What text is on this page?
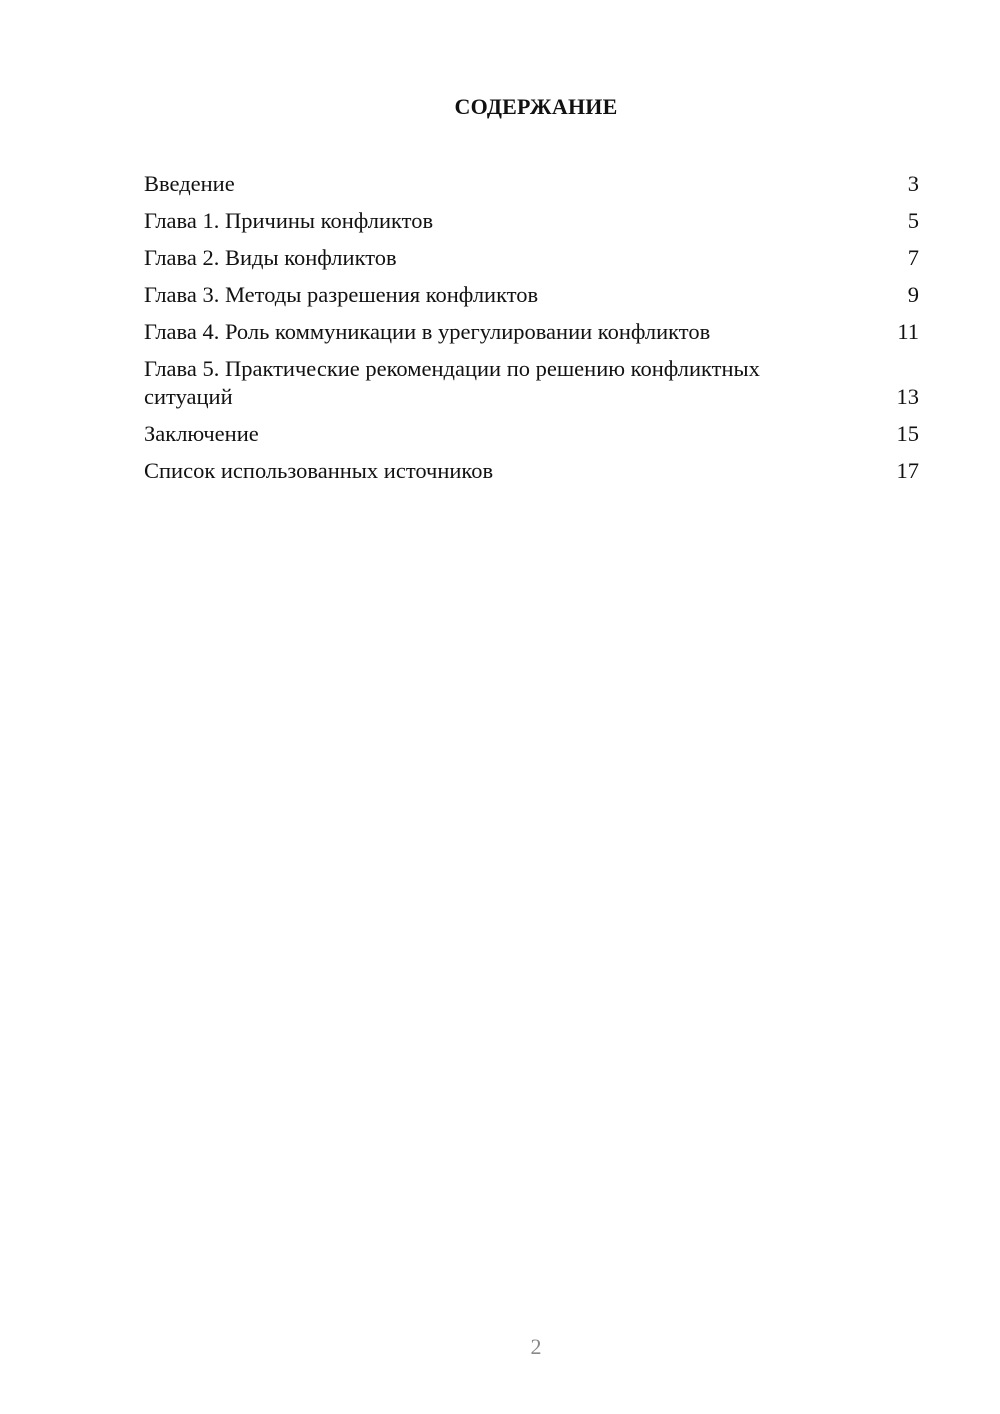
СОДЕРЖАНИЕ
Введение	3
Глава 1. Причины конфликтов	5
Глава 2. Виды конфликтов	7
Глава 3. Методы разрешения конфликтов	9
Глава 4. Роль коммуникации в урегулировании конфликтов	11
Глава 5. Практические рекомендации по решению конфликтных ситуаций	13
Заключение	15
Список использованных источников	17
2
